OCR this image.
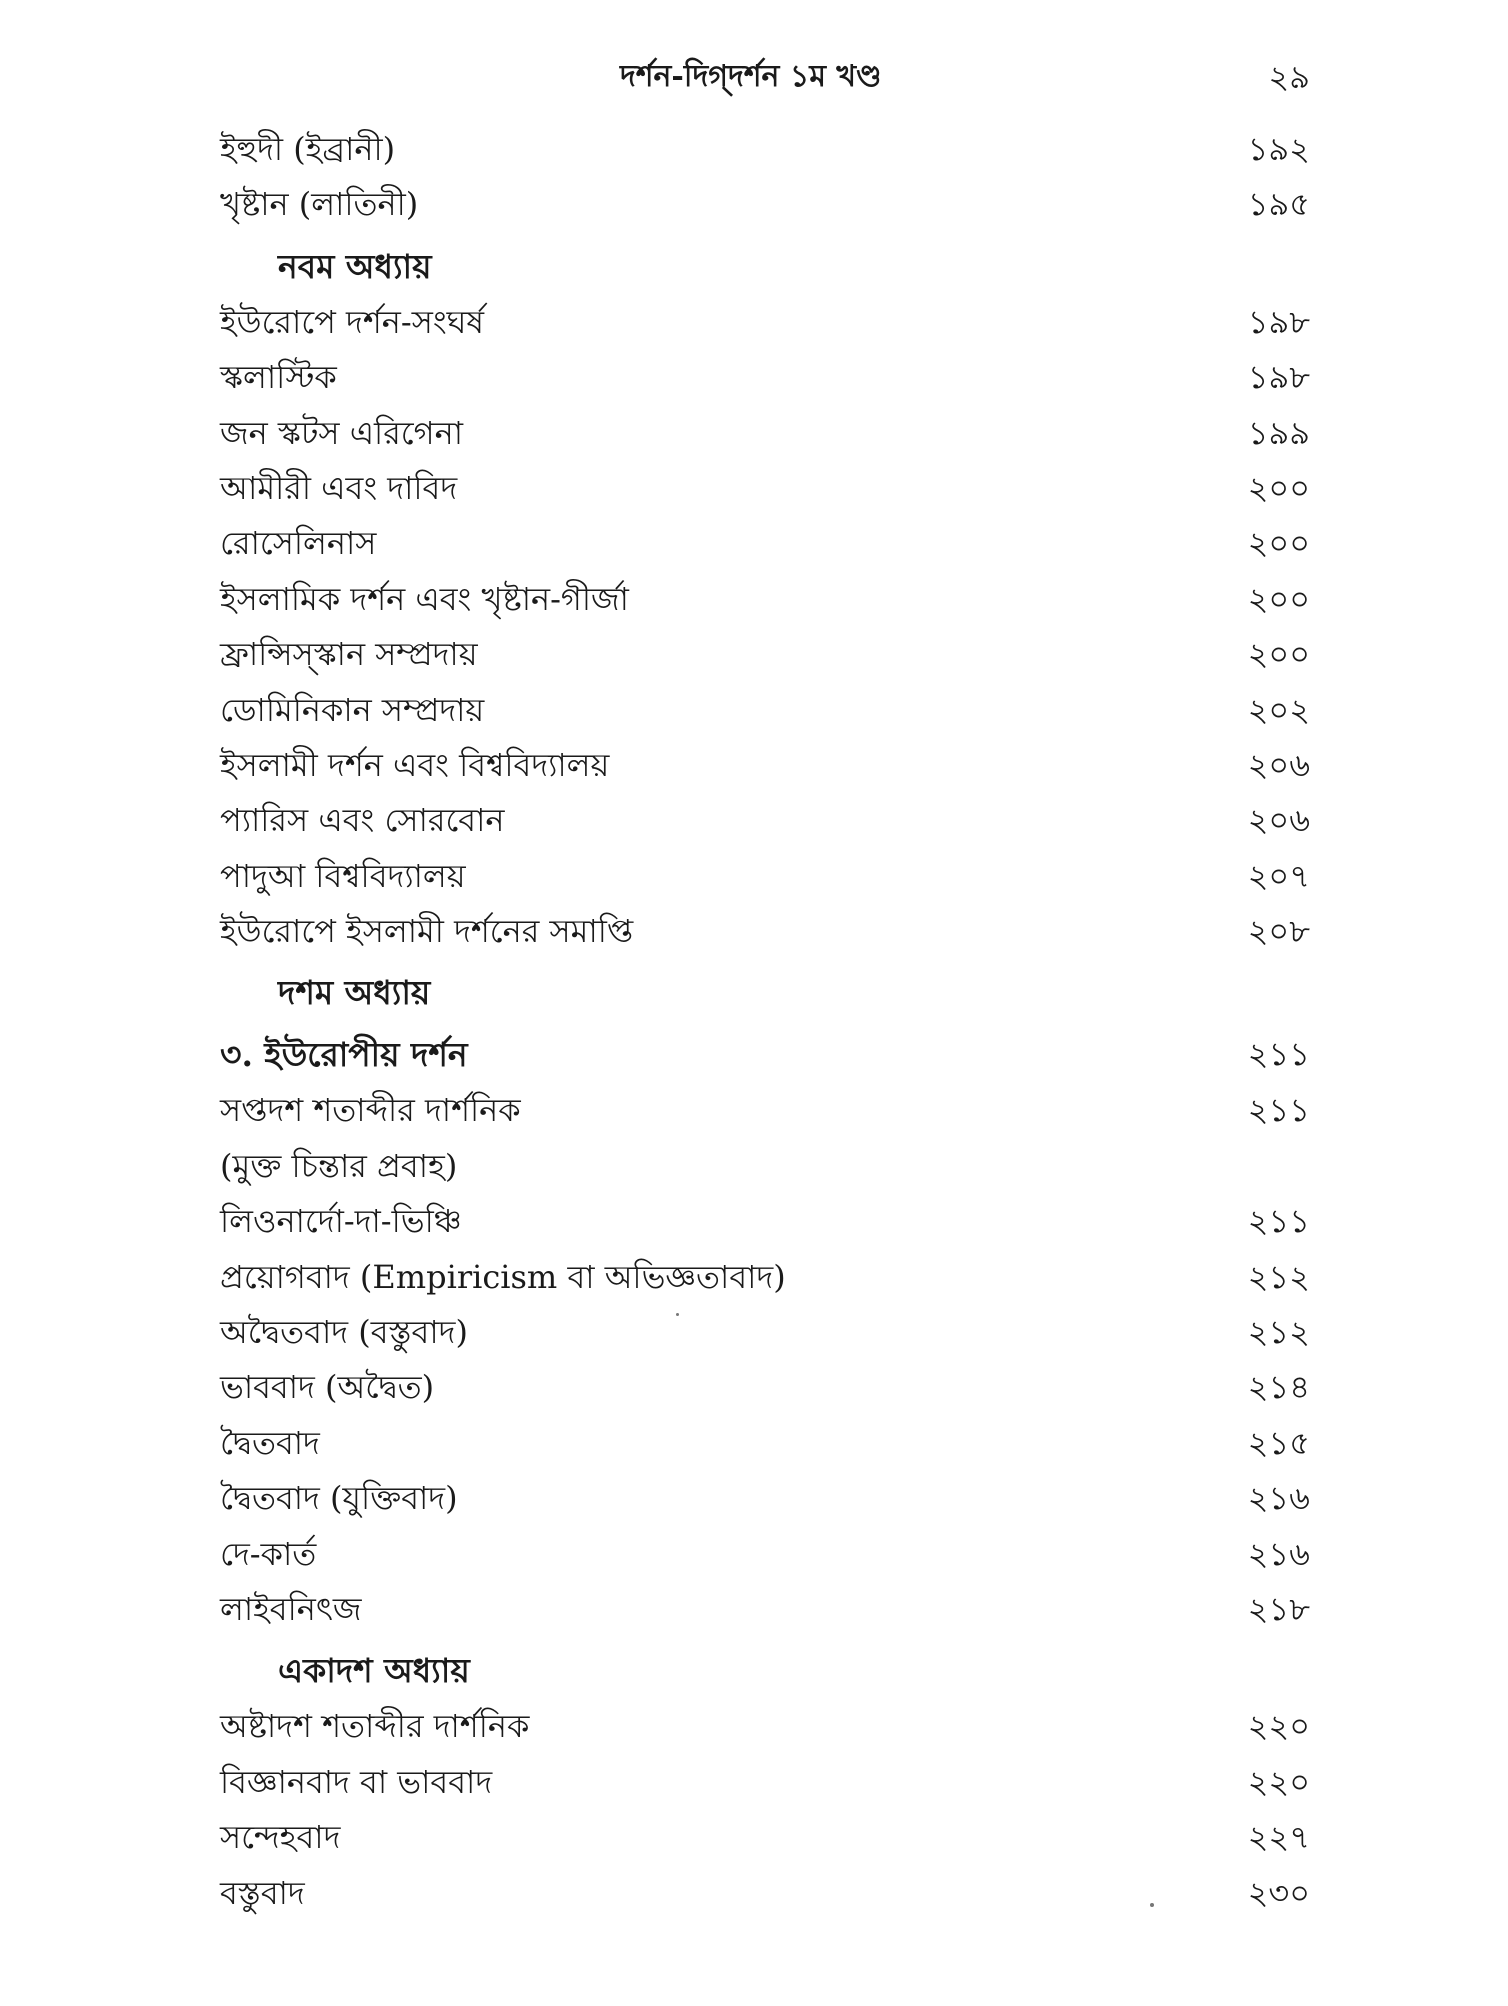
দর্শন-দিগ্‌দর্শন ১ম খণ্ড	২৯
ইহুদী (ইব্রানী)	১৯২
খৃষ্টান (লাতিনী)	১৯৫
নবম অধ্যায়
ইউরোপে দর্শন-সংঘর্ষ	১৯৮
স্কলাস্টিক	১৯৮
জন স্কটস এরিগেনা	১৯৯
আমীরী এবং দাবিদ	২০০
রোসেলিনাস	২০০
ইসলামিক দর্শন এবং খৃষ্টান-গীর্জা	২০০
ফ্রান্সিস্‌স্কান সম্প্রদায়	২০০
ডোমিনিকান সম্প্রদায়	২০২
ইসলামী দর্শন এবং বিশ্ববিদ্যালয়	২০৬
প্যারিস এবং সোরবোন	২০৬
পাদুআ বিশ্ববিদ্যালয়	২০৭
ইউরোপে ইসলামী দর্শনের সমাপ্তি	২০৮
দশম অধ্যায়
৩. ইউরোপীয় দর্শন	২১১
সপ্তদশ শতাব্দীর দার্শনিক	২১১
(মুক্ত চিন্তার প্রবাহ)
লিওনার্দো-দা-ভিঞ্চি	২১১
প্রয়োগবাদ (Empiricism বা অভিজ্ঞতাবাদ)	২১২
অদ্বৈতবাদ (বস্তুবাদ)	২১২
ভাববাদ (অদ্বৈত)	২১৪
দ্বৈতবাদ	২১৫
দ্বৈতবাদ (যুক্তিবাদ)	২১৬
দে-কার্ত	২১৬
লাইবনিৎজ	২১৮
একাদশ অধ্যায়
অষ্টাদশ শতাব্দীর দার্শনিক	২২০
বিজ্ঞানবাদ বা ভাববাদ	২২০
সন্দেহবাদ	২২৭
বস্তুবাদ	২৩০
